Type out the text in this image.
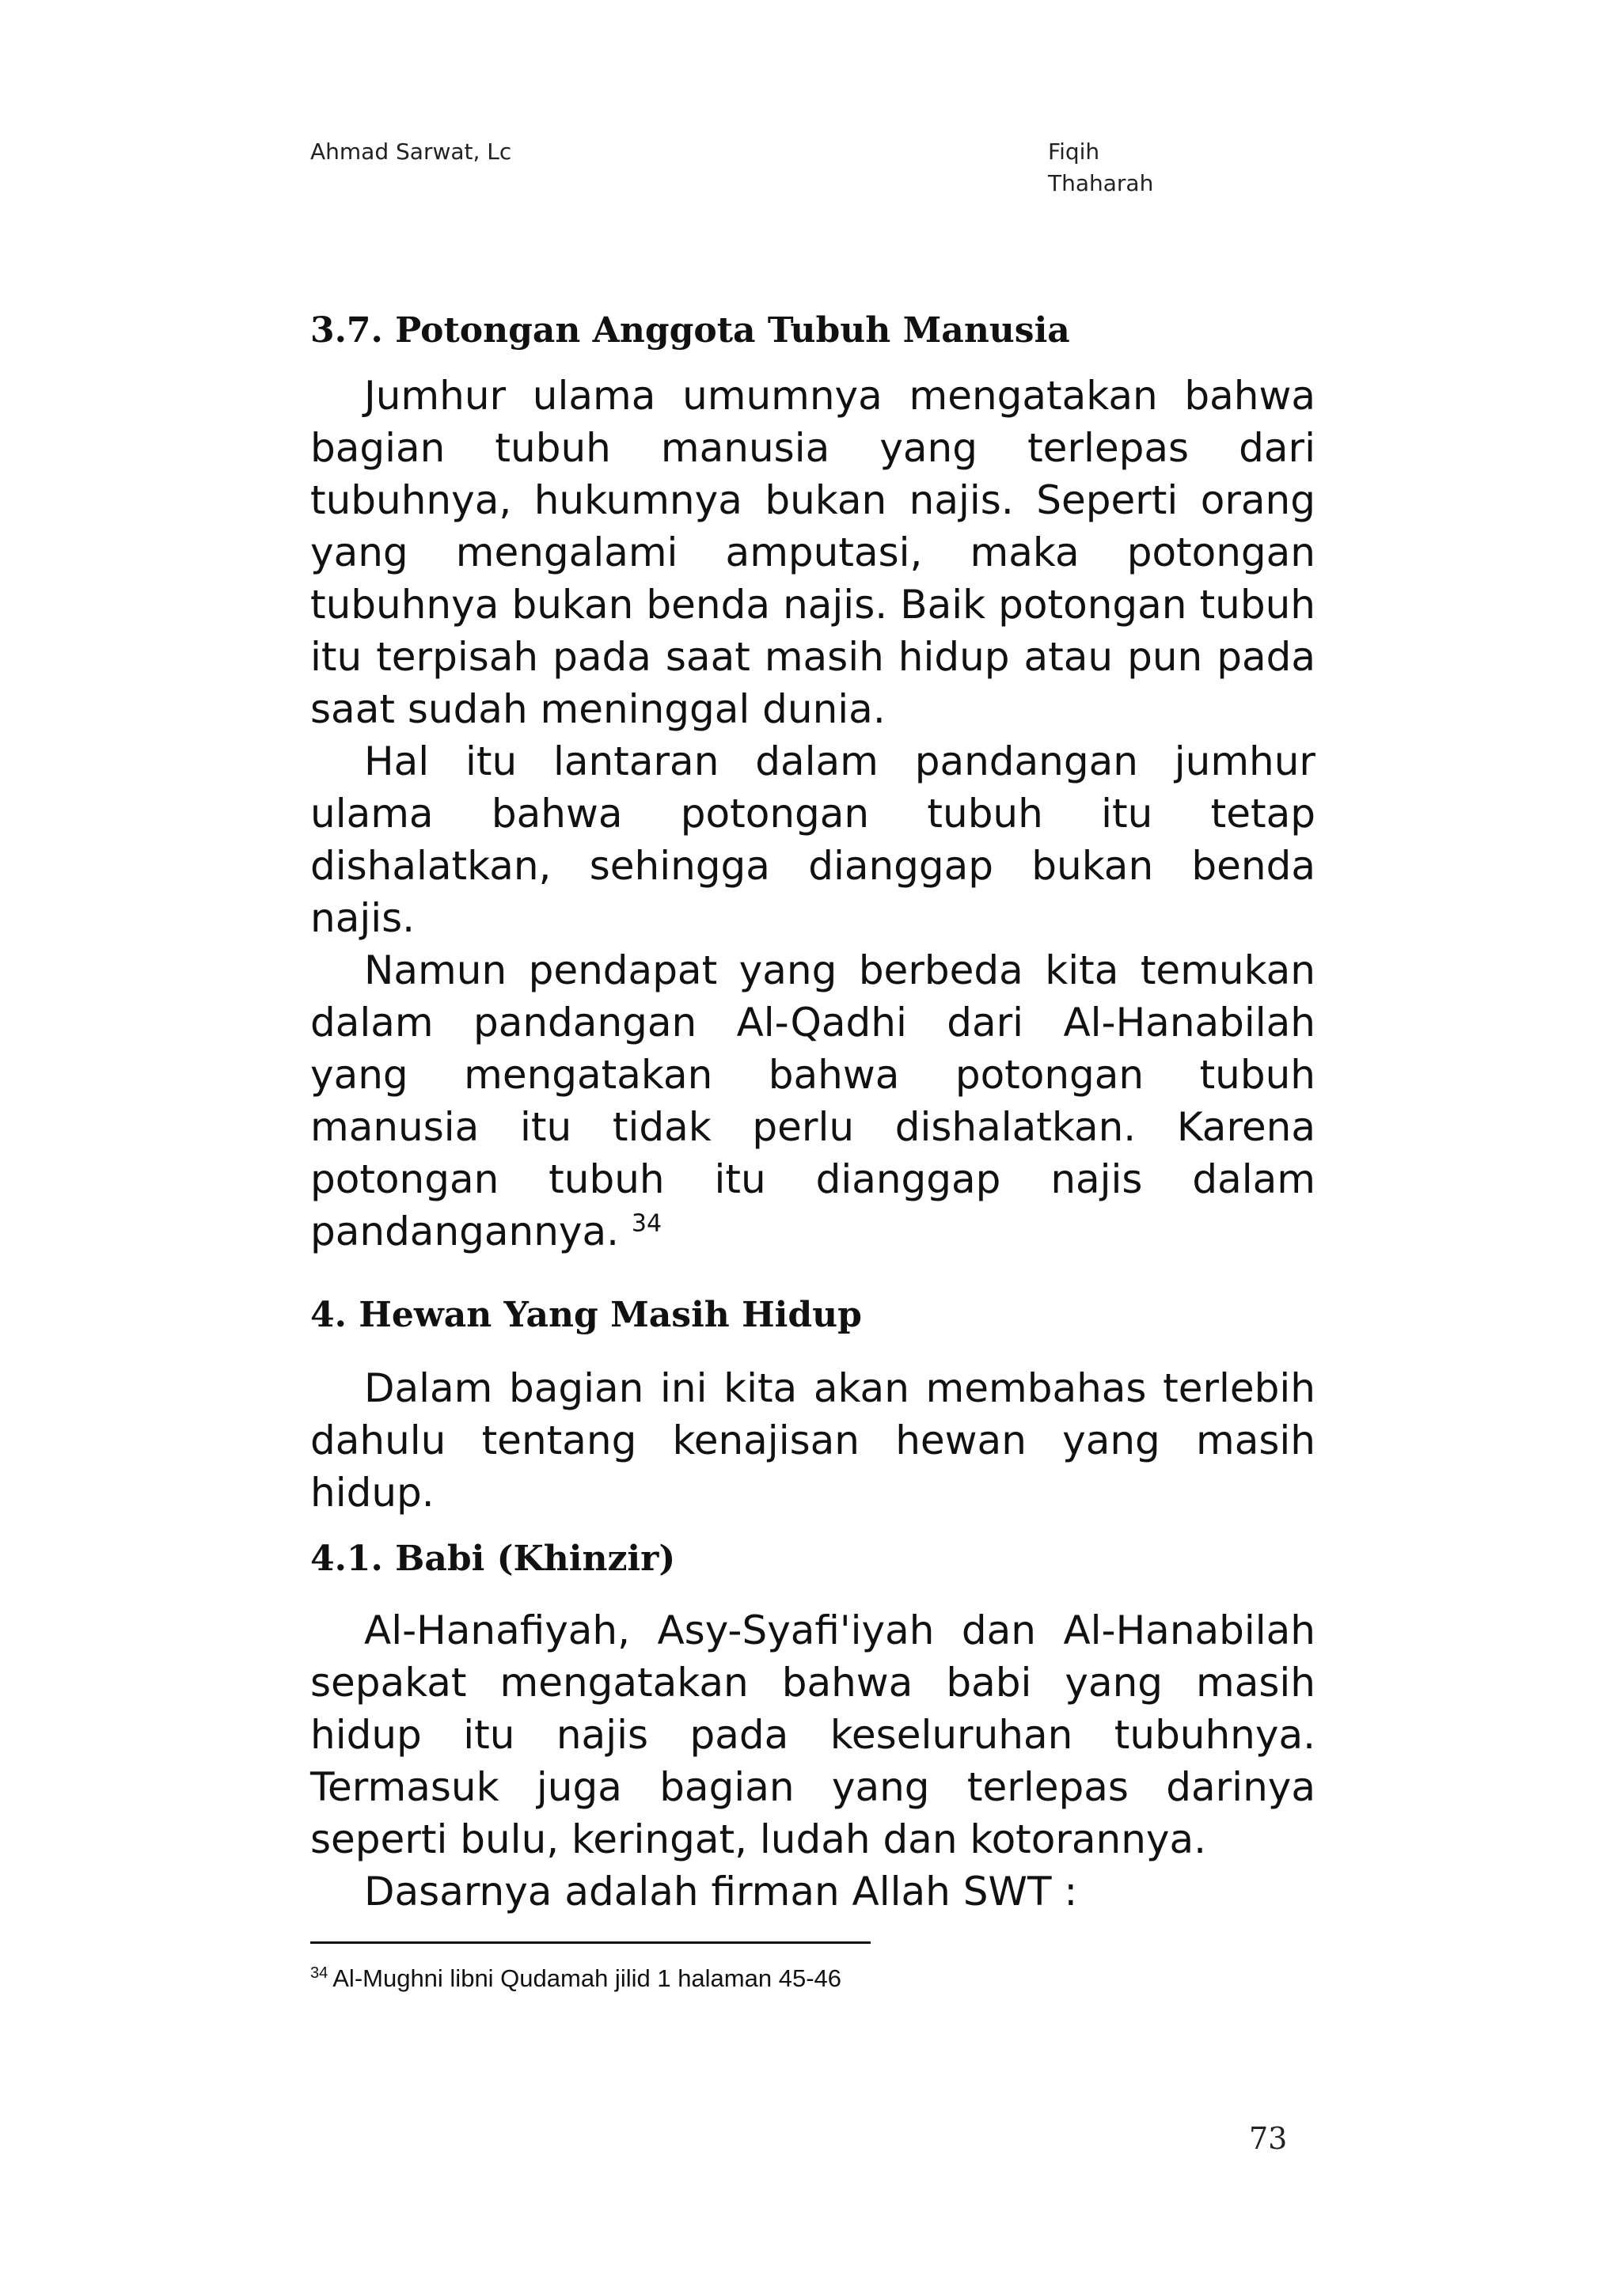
Ahmad Sarwat, Lc	Fiqih Thaharah
3.7. Potongan Anggota Tubuh Manusia

Jumhur ulama umumnya mengatakan bahwa bagian tubuh manusia yang terlepas dari tubuhnya, hukumnya bukan najis. Seperti orang yang mengalami amputasi, maka potongan tubuhnya bukan benda najis. Baik potongan tubuh itu terpisah pada saat masih hidup atau pun pada saat sudah meninggal dunia.

Hal itu lantaran dalam pandangan jumhur ulama bahwa potongan tubuh itu tetap dishalatkan, sehingga dianggap bukan benda najis.

Namun pendapat yang berbeda kita temukan dalam pandangan Al-Qadhi dari Al-Hanabilah yang mengatakan bahwa potongan tubuh manusia itu tidak perlu dishalatkan. Karena potongan tubuh itu dianggap najis dalam pandangannya. $^{34}$

4. Hewan Yang Masih Hidup

Dalam bagian ini kita akan membahas terlebih dahulu tentang kenajisan hewan yang masih hidup.

4.1. Babi (Khinzir)

Al-Hanafiyah, Asy-Syafi'iyah dan Al-Hanabilah sepakat mengatakan bahwa babi yang masih hidup itu najis pada keseluruhan tubuhnya. Termasuk juga bagian yang terlepas darinya seperti bulu, keringat, ludah dan kotorannya.

Dasarnya adalah firman Allah SWT :

$^{34}$ Al-Mughni libni Qudamah jilid 1 halaman 45-46
73
